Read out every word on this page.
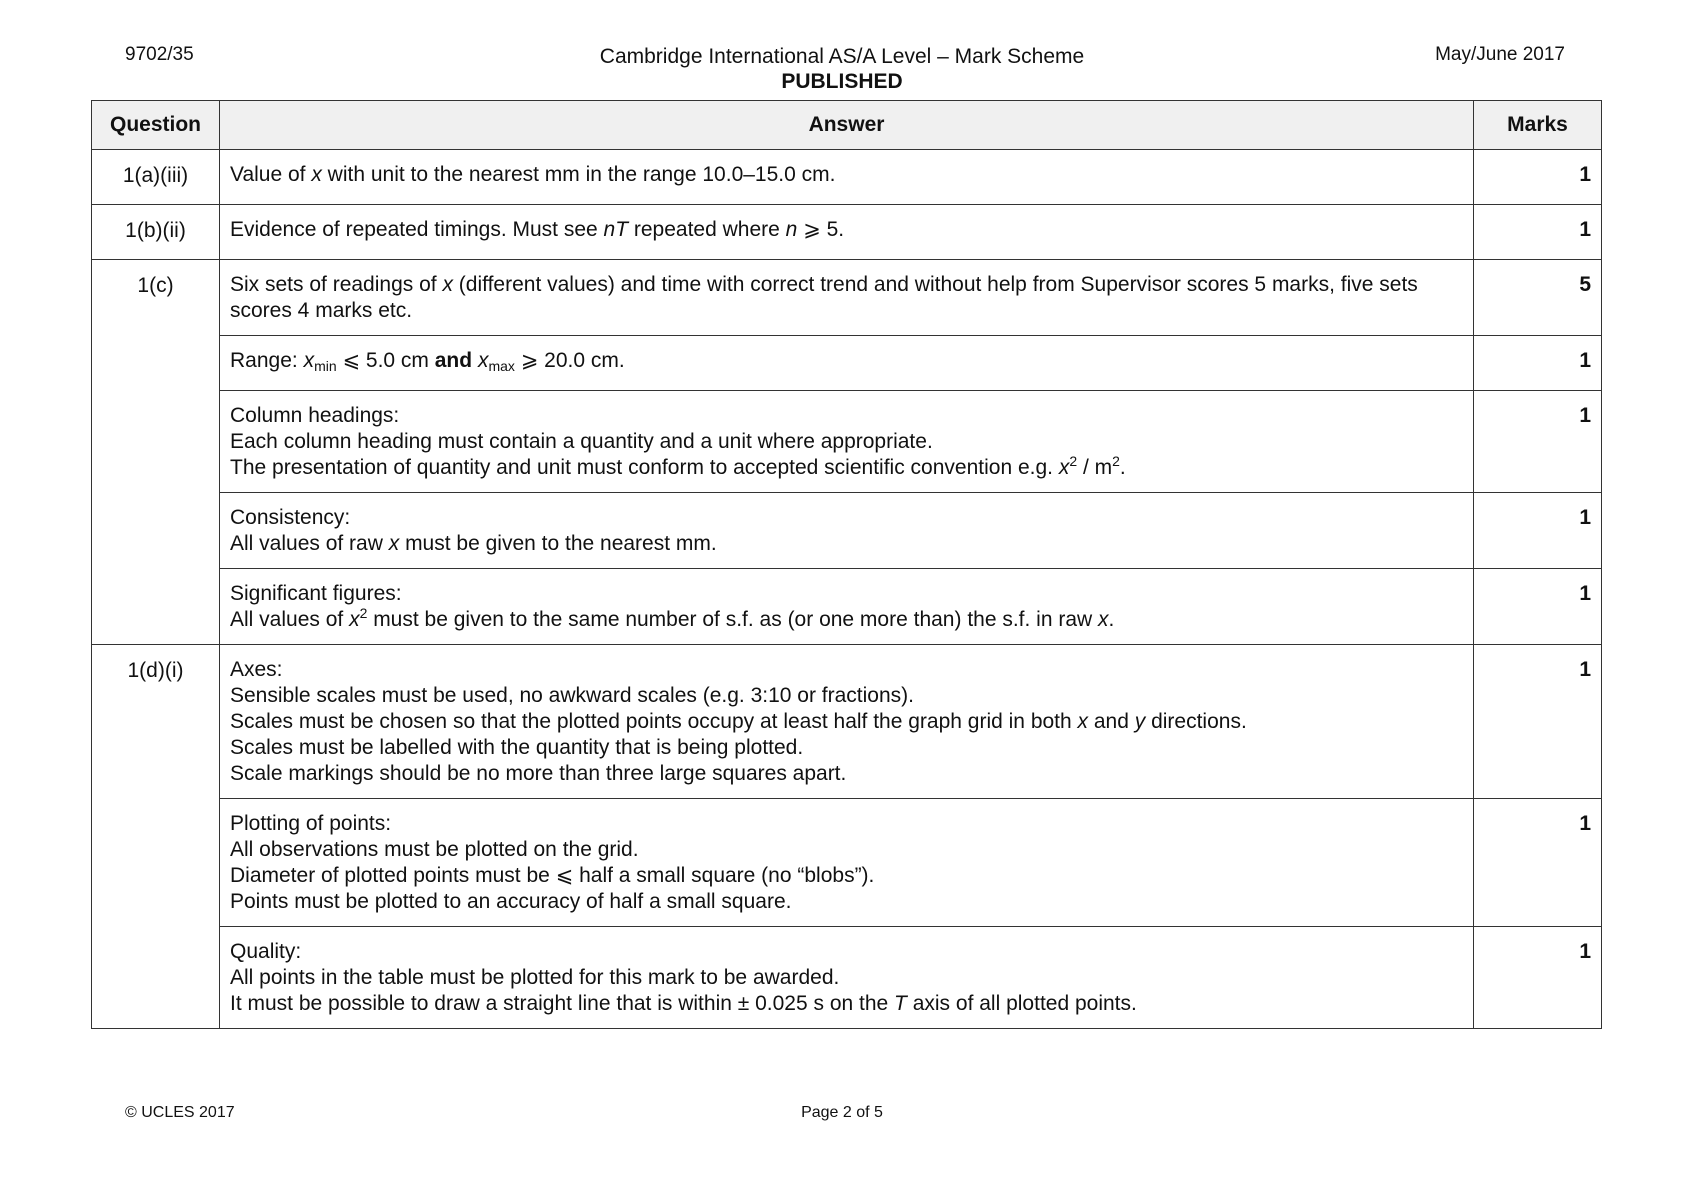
9702/35	Cambridge International AS/A Level – Mark Scheme
PUBLISHED
May/June 2017
Question	Answer	Marks
1(a)(iii)	Value of x with unit to the nearest mm in the range 10.0–15.0 cm.	1
1(b)(ii)	Evidence of repeated timings. Must see nT repeated where n ⩾ 5.	1
1(c)	Six sets of readings of x (different values) and time with correct trend and without help from Supervisor scores 5 marks, five sets scores 4 marks etc.	5
	Range: $x_{min}$ ⩽ 5.0 cm and $x_{max}$ ⩾ 20.0 cm.	1

	Column headings:
Each column heading must contain a quantity and a unit where appropriate.
The presentation of quantity and unit must conform to accepted scientific convention e.g. $x^2 / m^2$.	1

	Consistency:
All values of raw x must be given to the nearest mm.	1

	Significant figures:
All values of $x^2$ must be given to the same number of s.f. as (or one more than) the s.f. in raw x.	1
1(d)(i)	Axes:
Sensible scales must be used, no awkward scales (e.g. 3:10 or fractions).
Scales must be chosen so that the plotted points occupy at least half the graph grid in both x and y directions.
Scales must be labelled with the quantity that is being plotted.
Scale markings should be no more than three large squares apart.	1

	Plotting of points:
All observations must be plotted on the grid.
Diameter of plotted points must be ⩽ half a small square (no “blobs”).
Points must be plotted to an accuracy of half a small square.	1

	Quality:
All points in the table must be plotted for this mark to be awarded.
It must be possible to draw a straight line that is within ± 0.025 s on the T axis of all plotted points.	1
© UCLES 2017	Page 2 of 5
